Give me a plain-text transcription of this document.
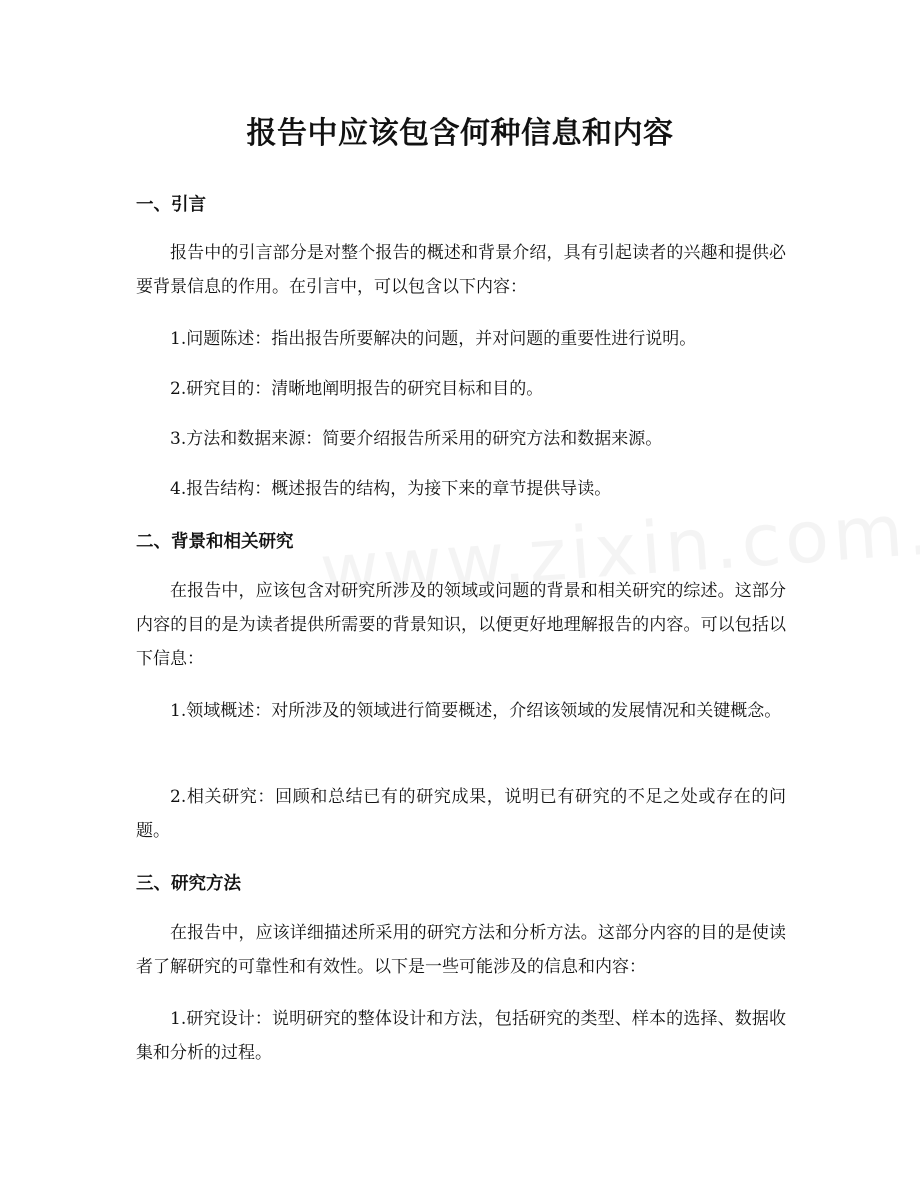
报告中应该包含何种信息和内容
一、引言

报告中的引言部分是对整个报告的概述和背景介绍，具有引起读者的兴趣和提供必要背景信息的作用。在引言中，可以包含以下内容：

1.问题陈述：指出报告所要解决的问题，并对问题的重要性进行说明。

2.研究目的：清晰地阐明报告的研究目标和目的。

3.方法和数据来源：简要介绍报告所采用的研究方法和数据来源。

4.报告结构：概述报告的结构，为接下来的章节提供导读。

二、背景和相关研究

在报告中，应该包含对研究所涉及的领域或问题的背景和相关研究的综述。这部分内容的目的是为读者提供所需要的背景知识，以便更好地理解报告的内容。可以包括以下信息：

1.领域概述：对所涉及的领域进行简要概述，介绍该领域的发展情况和关键概念。

2.相关研究：回顾和总结已有的研究成果，说明已有研究的不足之处或存在的问题。

三、研究方法

在报告中，应该详细描述所采用的研究方法和分析方法。这部分内容的目的是使读者了解研究的可靠性和有效性。以下是一些可能涉及的信息和内容：

1.研究设计：说明研究的整体设计和方法，包括研究的类型、样本的选择、数据收集和分析的过程。
